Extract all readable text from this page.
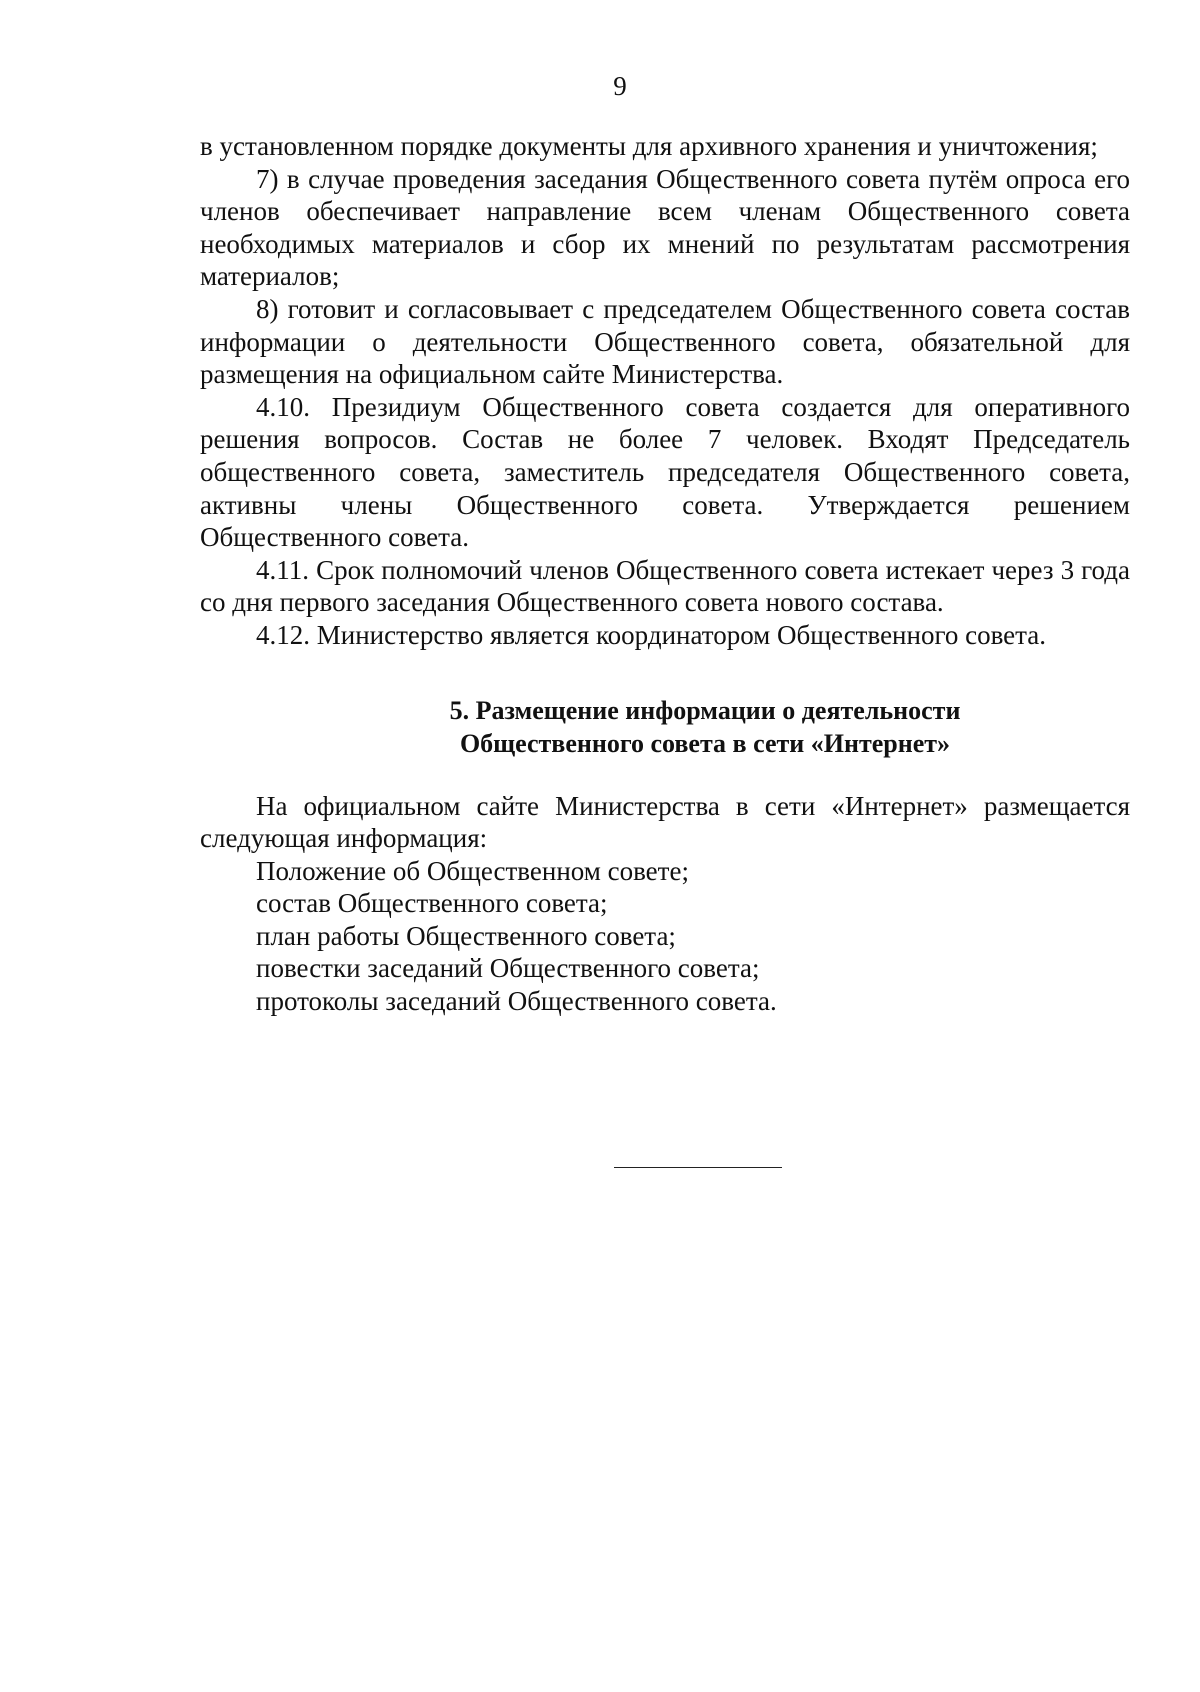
9

в установленном порядке документы для архивного хранения и уничтожения;

7) в случае проведения заседания Общественного совета путём опроса его членов обеспечивает направление всем членам Общественного совета необходимых материалов и сбор их мнений по результатам рассмотрения материалов;

8) готовит и согласовывает с председателем Общественного совета состав информации о деятельности Общественного совета, обязательной для размещения на официальном сайте Министерства.

4.10. Президиум Общественного совета создается для оперативного решения вопросов. Состав не более 7 человек. Входят Председатель общественного совета, заместитель председателя Общественного совета, активны члены Общественного совета. Утверждается решением Общественного совета.

4.11. Срок полномочий членов Общественного совета истекает через 3 года со дня первого заседания Общественного совета нового состава.

4.12. Министерство является координатором Общественного совета.

5. Размещение информации о деятельности
Общественного совета в сети «Интернет»

На официальном сайте Министерства в сети «Интернет» размещается следующая информация:

Положение об Общественном совете;

состав Общественного совета;

план работы Общественного совета;

повестки заседаний Общественного совета;

протоколы заседаний Общественного совета.
